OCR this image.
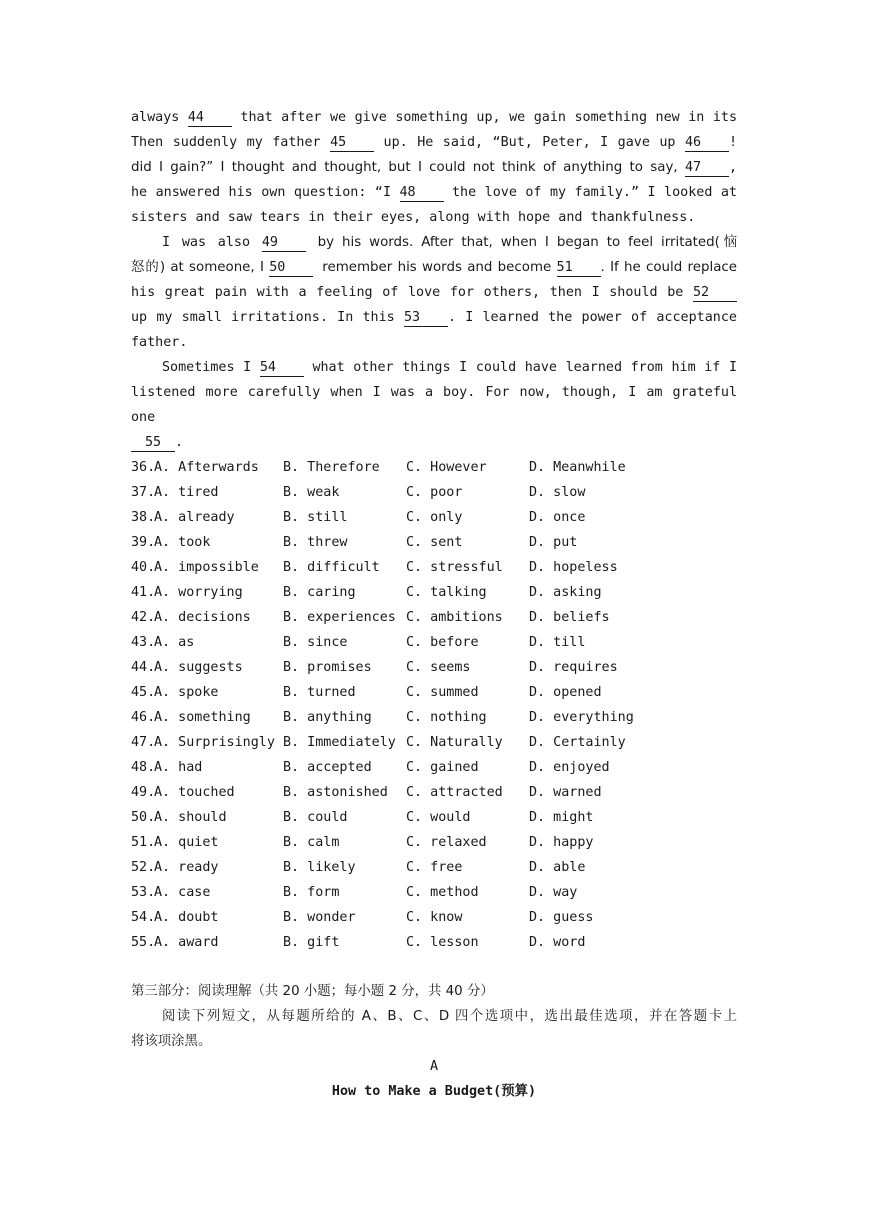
always 44	that after we give something up, we gain something new in its
Then suddenly my father 45	up. He said, “But, Peter, I gave up 46 !
did I gain?” I thought and thought, but I could not think of anything to say, 47 ,
he answered his own question: “I 48	the love of my family.” I looked at
sisters and saw tears in their eyes, along with hope and thankfulness.
I was also 49	by his words. After that, when I began to feel irritated(恼
怒的) at someone, I 50	remember his words and become 51 . If he could replace
his great pain with a feeling of love for others, then I should be 52
up my small irritations. In this 53 . I learned the power of acceptance
father.
Sometimes I 54	what other things I could have learned from him if I
listened more carefully when I was a boy. For now, though, I am grateful
one
55 .
36.
A. Afterwards B. Therefore C. However	D. Meanwhile
37.
A. tired	B. weak	C. poor	D. slow
38.
A. already	B. still	C. only	D. once
39.
A. took	B. threw	C. sent	D. put
40.
A. impossible B. difficult C. stressful D. hopeless
41.
A. worrying	B. caring	C. talking	D. asking
42.
A. decisions B. experiences C. ambitions D. beliefs
43.
A. as	B. since	C. before	D. till
44.
A. suggests	B. promises	C. seems	D. requires
45.
A. spoke	B. turned	C. summed	D. opened
46.
A. something B. anything	C. nothing	D. everything
47.
A. Surprisingly B. Immediately C. Naturally D. Certainly
48.
A. had	B. accepted	C. gained	D. enjoyed
49.
A. touched	B. astonished C. attracted D. warned
50.
A. should	B. could	C. would	D. might
51.
A. quiet	B. calm	C. relaxed	D. happy
52.
A. ready	B. likely	C. free	D. able
53.
A. case	B. form	C. method	D. way
54.
A. doubt	B. wonder	C. know	D. guess
55.
A. award	B. gift	C. lesson	D. word
第三部分：阅读理解（共 20 小题；每小题 2 分，共 40 分）
阅读下列短文，从每题所给的 A、B、C、D 四个选项中，选出最佳选项，并在答题卡上
将该项涂黑。
A
How to Make a Budget(预算)
